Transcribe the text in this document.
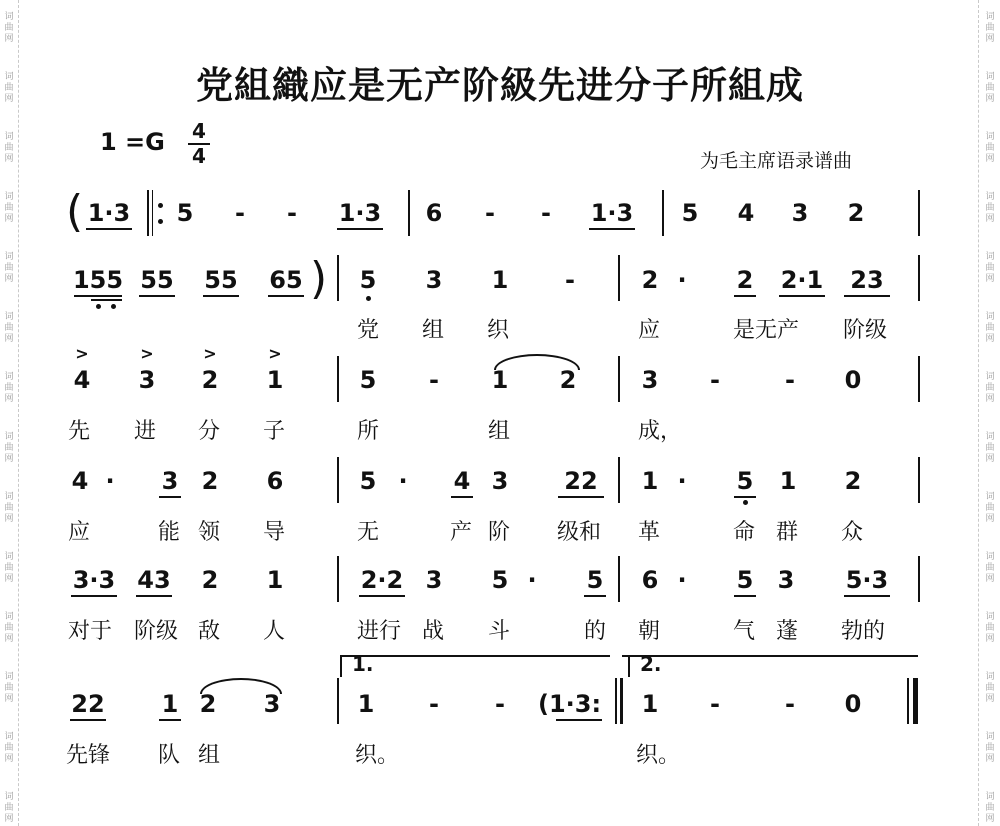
词
曲
网
词
曲
网
词
曲
网
词
曲
网
词
曲
网
词
曲
网
词
曲
网
词
曲
网
词
曲
网
词
曲
网
词
曲
网
词
曲
网
词
曲
网
词
曲
网
词
曲
网
词
曲
网
词
曲
网
词
曲
网
词
曲
网
词
曲
网
词
曲
网
词
曲
网
词
曲
网
词
曲
网
词
曲
网
词
曲
网
词
曲
网
词
曲
网
党組織应是无产阶級先进分子所組成
1 =G	4
4	为毛主席语录谱曲
( 1·3 5 - - 1·3 6 - - 1·3 5 4 3 2
155 55 55 65 ) 5 3 1 -	2 · 2 2·1	23
党 组 织	应	是无产 阶级
>	>	>	>
4 3 2 1	5 - 1 2	3 -	- 0
先 进 分 子	所	组	成，
4 · 3 2 6	5 · 4 3	22	1 · 5 1 2
应	能 领 导	无	产 阶 级和 革	命 群 众
3·3 43 2 1	2·2 3 5 · 5 6 · 5 3 5·3
对于 阶级 敌 人	进行 战 斗	的 朝	气 蓬 勃的
1.	2.
22 1 2 3	1 - - (1·3:	1 -	- 0
先锋 队 组	织。	织。
